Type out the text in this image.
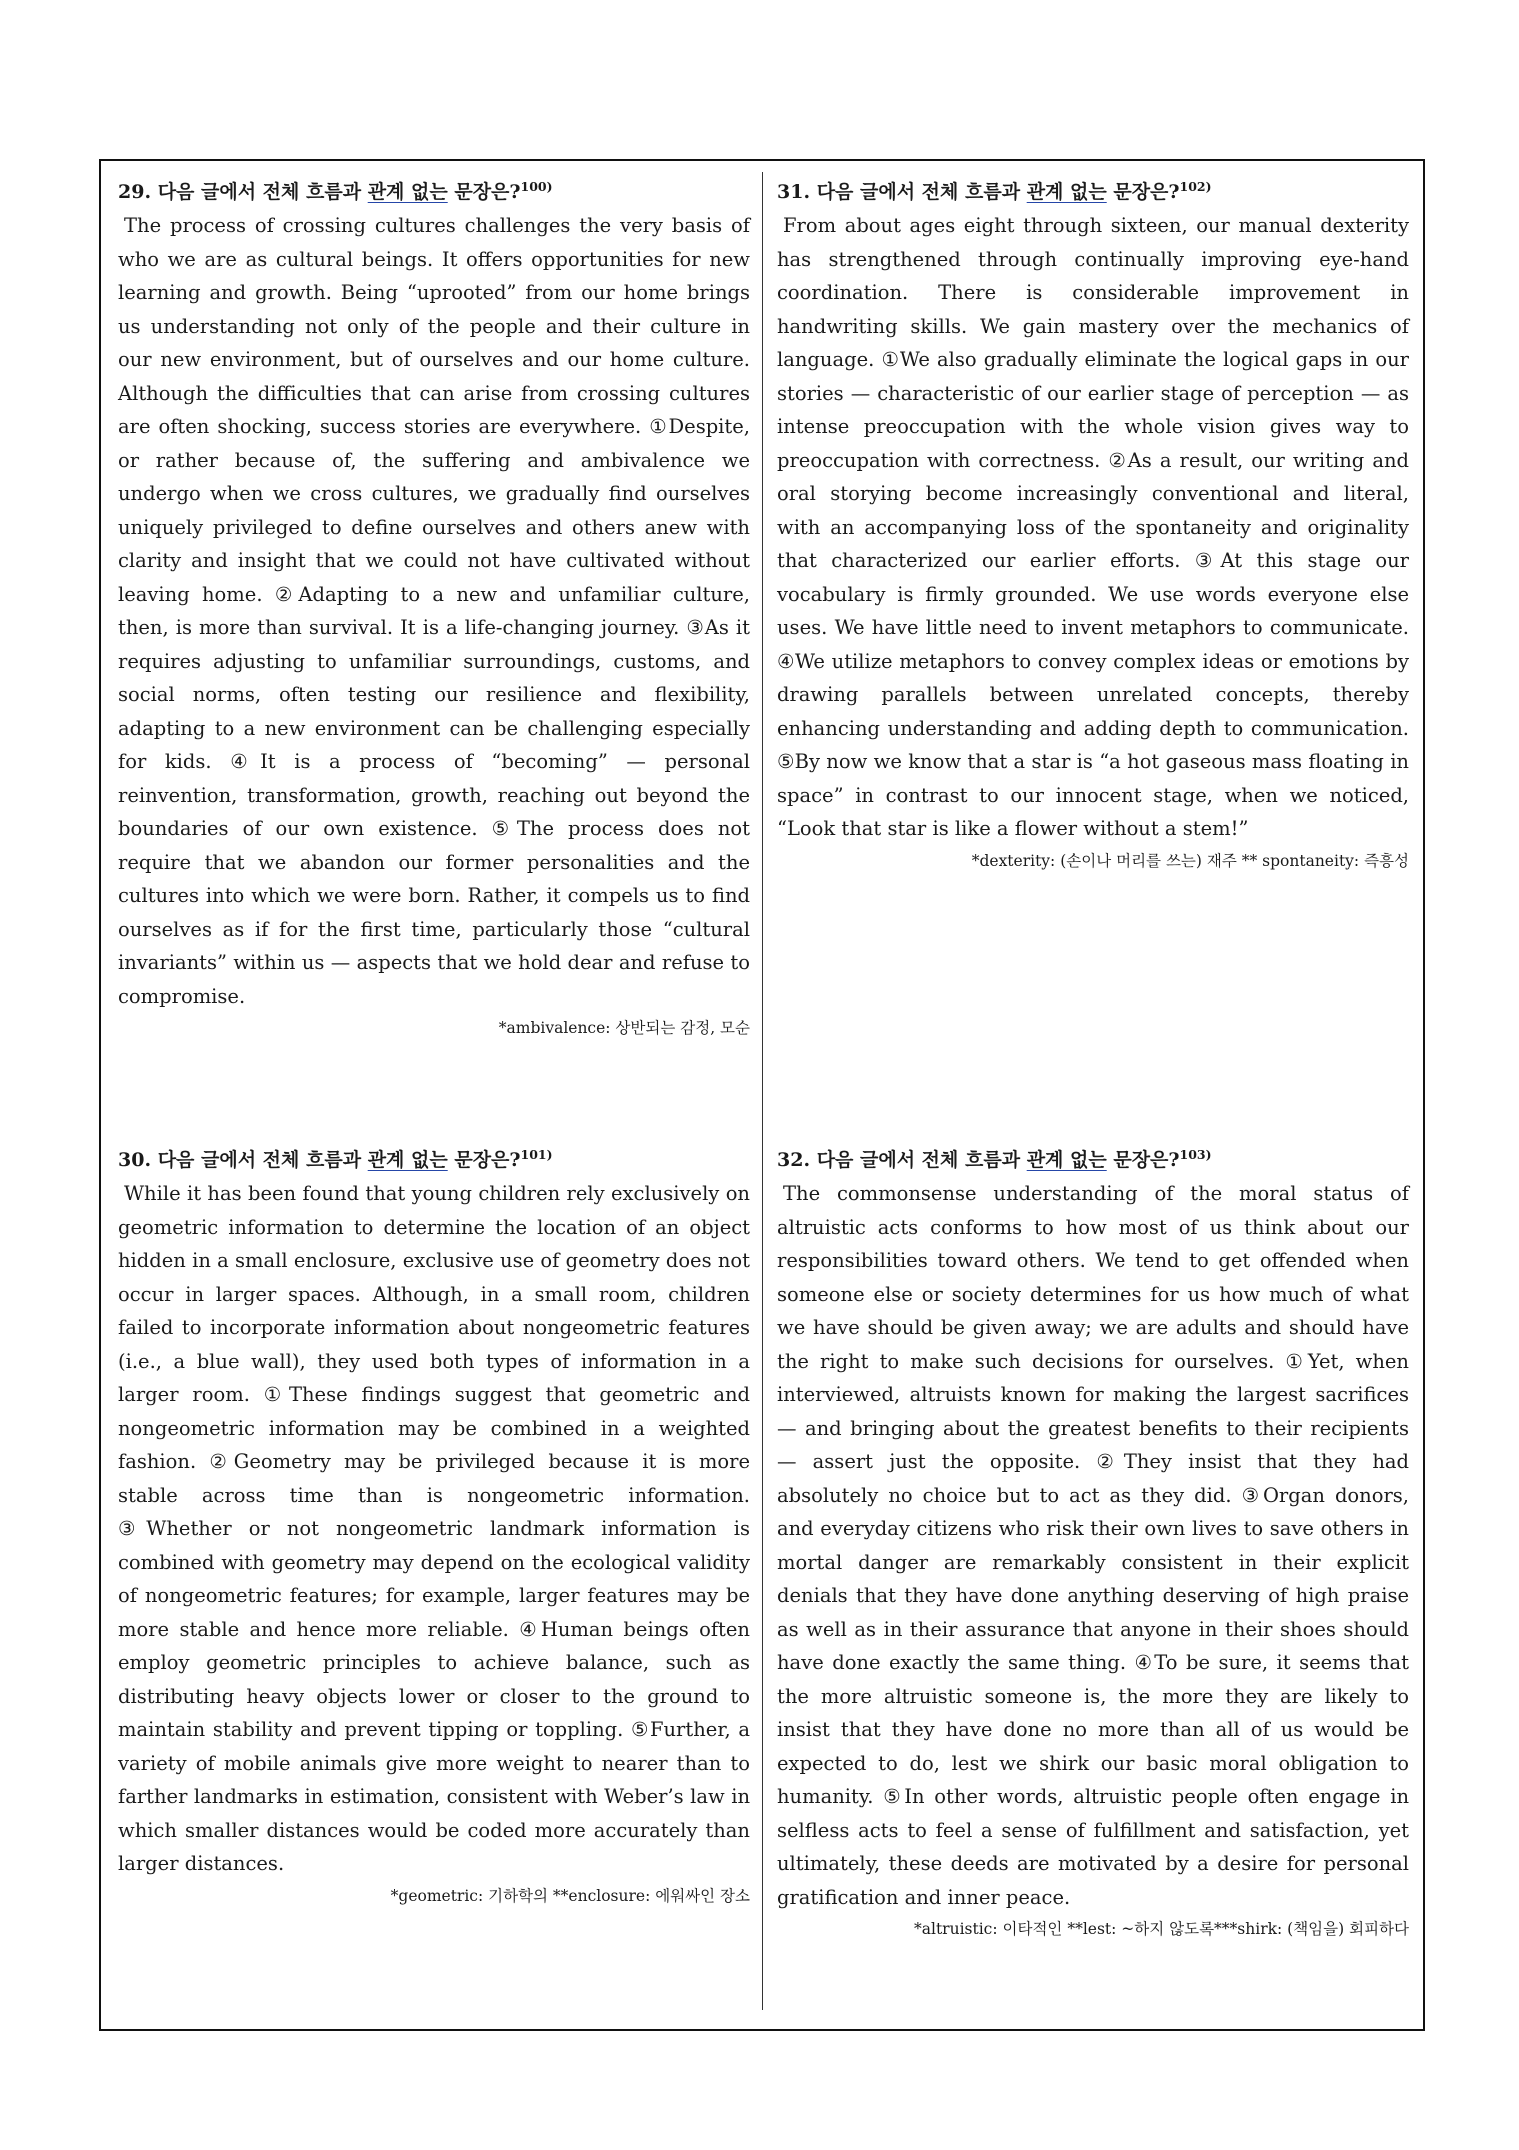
29. 다음 글에서 전체 흐름과 관계 없는 문장은?$^{100)}$

The process of crossing cultures challenges the very basis of who we are as cultural beings. It offers opportunities for new learning and growth. Being “uprooted” from our home brings us understanding not only of the people and their culture in our new environment, but of ourselves and our home culture. Although the difficulties that can arise from crossing cultures are often shocking, success stories are everywhere. ①Despite, or rather because of, the suffering and ambivalence we undergo when we cross cultures, we gradually find ourselves uniquely privileged to define ourselves and others anew with clarity and insight that we could not have cultivated without leaving home. ②Adapting to a new and unfamiliar culture, then, is more than survival. It is a life-changing journey. ③As it requires adjusting to unfamiliar surroundings, customs, and social norms, often testing our resilience and flexibility, adapting to a new environment can be challenging especially for kids. ④It is a process of “becoming” — personal reinvention, transformation, growth, reaching out beyond the boundaries of our own existence. ⑤The process does not require that we abandon our former personalities and the cultures into which we were born. Rather, it compels us to find ourselves as if for the first time, particularly those “cultural invariants” within us — aspects that we hold dear and refuse to compromise.

*ambivalence: 상반되는 감정, 모순
31. 다음 글에서 전체 흐름과 관계 없는 문장은?$^{102)}$

From about ages eight through sixteen, our manual dexterity has strengthened through continually improving eye-hand coordination. There is considerable improvement in handwriting skills. We gain mastery over the mechanics of language. ①We also gradually eliminate the logical gaps in our stories — characteristic of our earlier stage of perception — as intense preoccupation with the whole vision gives way to preoccupation with correctness. ②As a result, our writing and oral storying become increasingly conventional and literal, with an accompanying loss of the spontaneity and originality that characterized our earlier efforts. ③At this stage our vocabulary is firmly grounded. We use words everyone else uses. We have little need to invent metaphors to communicate. ④We utilize metaphors to convey complex ideas or emotions by drawing parallels between unrelated concepts, thereby enhancing understanding and adding depth to communication. ⑤By now we know that a star is “a hot gaseous mass floating in space” in contrast to our innocent stage, when we noticed, “Look that star is like a flower without a stem!”

*dexterity: (손이나 머리를 쓰는) 재주 ** spontaneity: 즉흥성
30. 다음 글에서 전체 흐름과 관계 없는 문장은?$^{101)}$

While it has been found that young children rely exclusively on geometric information to determine the location of an object hidden in a small enclosure, exclusive use of geometry does not occur in larger spaces. Although, in a small room, children failed to incorporate information about nongeometric features (i.e., a blue wall), they used both types of information in a larger room. ①These findings suggest that geometric and nongeometric information may be combined in a weighted fashion. ②Geometry may be privileged because it is more stable across time than is nongeometric information. ③Whether or not nongeometric landmark information is combined with geometry may depend on the ecological validity of nongeometric features; for example, larger features may be more stable and hence more reliable. ④Human beings often employ geometric principles to achieve balance, such as distributing heavy objects lower or closer to the ground to maintain stability and prevent tipping or toppling. ⑤Further, a variety of mobile animals give more weight to nearer than to farther landmarks in estimation, consistent with Weber’s law in which smaller distances would be coded more accurately than larger distances.

*geometric: 기하학의 **enclosure: 에워싸인 장소
32. 다음 글에서 전체 흐름과 관계 없는 문장은?$^{103)}$

The commonsense understanding of the moral status of altruistic acts conforms to how most of us think about our responsibilities toward others. We tend to get offended when someone else or society determines for us how much of what we have should be given away; we are adults and should have the right to make such decisions for ourselves. ①Yet, when interviewed, altruists known for making the largest sacrifices — and bringing about the greatest benefits to their recipients — assert just the opposite. ②They insist that they had absolutely no choice but to act as they did. ③Organ donors, and everyday citizens who risk their own lives to save others in mortal danger are remarkably consistent in their explicit denials that they have done anything deserving of high praise as well as in their assurance that anyone in their shoes should have done exactly the same thing. ④To be sure, it seems that the more altruistic someone is, the more they are likely to insist that they have done no more than all of us would be expected to do, lest we shirk our basic moral obligation to humanity. ⑤In other words, altruistic people often engage in selfless acts to feel a sense of fulfillment and satisfaction, yet ultimately, these deeds are motivated by a desire for personal gratification and inner peace.

*altruistic: 이타적인 **lest: ~하지 않도록***shirk: (책임을) 회피하다
